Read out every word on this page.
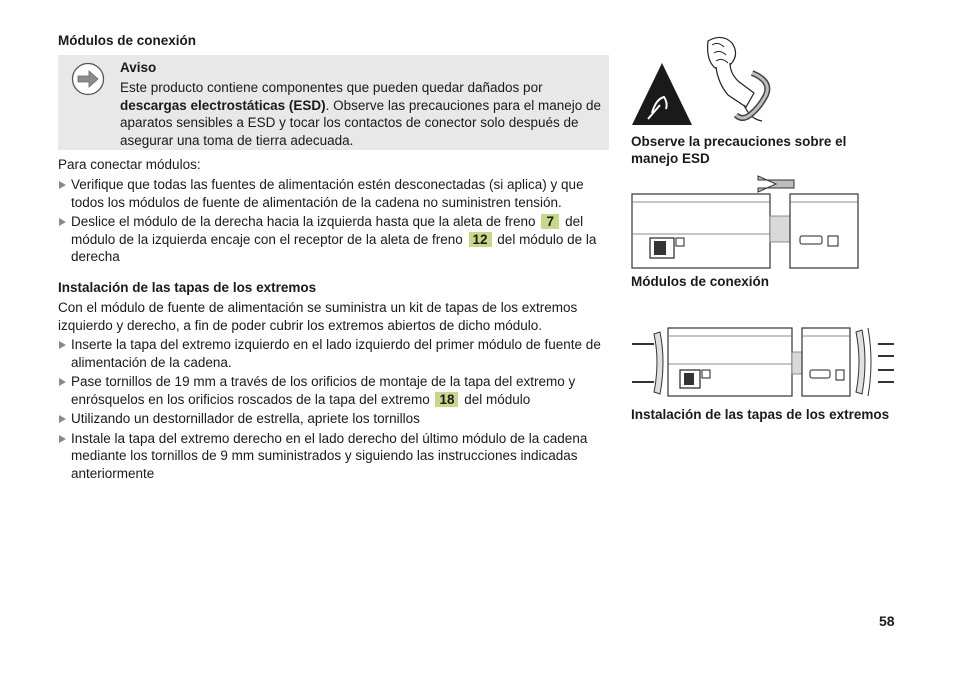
Módulos de conexión
Aviso
Este producto contiene componentes que pueden quedar dañados por descargas electrostáticas (ESD). Observe las precauciones para el manejo de aparatos sensibles a ESD y tocar los contactos de conector solo después de asegurar una toma de tierra adecuada.
Para conectar módulos:
Verifique que todas las fuentes de alimentación estén desconectadas (si aplica) y que todos los módulos de fuente de alimentación de la cadena no suministren tensión.
Deslice el módulo de la derecha hacia la izquierda hasta que la aleta de freno 7 del módulo de la izquierda encaje con el receptor de la aleta de freno 12 del módulo de la derecha
Instalación de las tapas de los extremos
Con el módulo de fuente de alimentación se suministra un kit de tapas de los extremos izquierdo y derecho, a fin de poder cubrir los extremos abiertos de dicho módulo.
Inserte la tapa del extremo izquierdo en el lado izquierdo del primer módulo de fuente de alimentación de la cadena.
Pase tornillos de 19 mm a través de los orificios de montaje de la tapa del extremo y enrósquelos en los orificios roscados de la tapa del extremo 18 del módulo
Utilizando un destornillador de estrella, apriete los tornillos
Instale la tapa del extremo derecho en el lado derecho del último módulo de la cadena mediante los tornillos de 9 mm suministrados y siguiendo las instrucciones indicadas anteriormente
Observe la precauciones sobre el manejo ESD
Módulos de conexión
Instalación de las tapas de los extremos
58
